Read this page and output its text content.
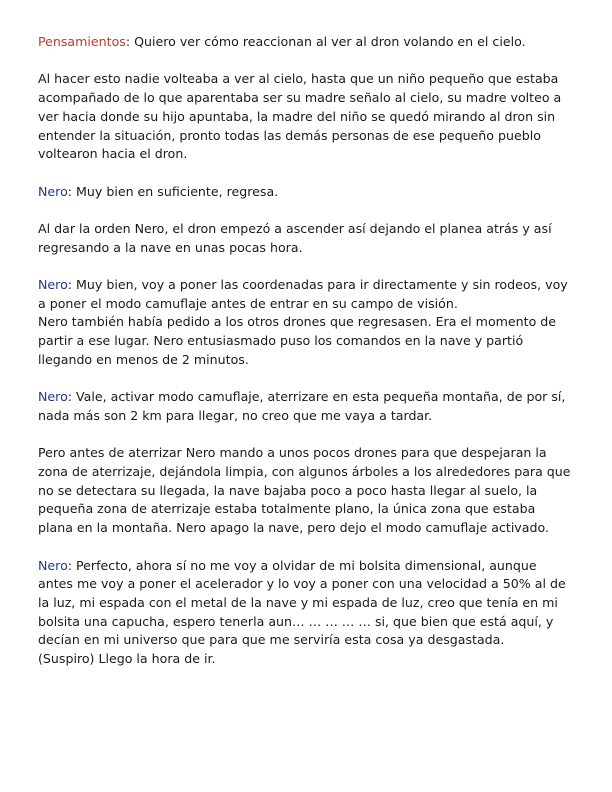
Pensamientos: Quiero ver cómo reaccionan al ver al dron volando en el cielo.

Al hacer esto nadie volteaba a ver al cielo, hasta que un niño pequeño que estaba acompañado de lo que aparentaba ser su madre señalo al cielo, su madre volteo a ver hacia donde su hijo apuntaba, la madre del niño se quedó mirando al dron sin entender la situación, pronto todas las demás personas de ese pequeño pueblo voltearon hacia el dron.

Nero: Muy bien en suficiente, regresa.

Al dar la orden Nero, el dron empezó a ascender así dejando el planea atrás y así regresando a la nave en unas pocas hora.

Nero: Muy bien, voy a poner las coordenadas para ir directamente y sin rodeos, voy a poner el modo camuflaje antes de entrar en su campo de visión.
Nero también había pedido a los otros drones que regresasen. Era el momento de partir a ese lugar. Nero entusiasmado puso los comandos en la nave y partió llegando en menos de 2 minutos.

Nero: Vale, activar modo camuflaje, aterrizare en esta pequeña montaña, de por sí, nada más son 2 km para llegar, no creo que me vaya a tardar.

Pero antes de aterrizar Nero mando a unos pocos drones para que despejaran la zona de aterrizaje, dejándola limpia, con algunos árboles a los alrededores para que no se detectara su llegada, la nave bajaba poco a poco hasta llegar al suelo, la pequeña zona de aterrizaje estaba totalmente plano, la única zona que estaba plana en la montaña. Nero apago la nave, pero dejo el modo camuflaje activado.

Nero: Perfecto, ahora sí no me voy a olvidar de mi bolsita dimensional, aunque antes me voy a poner el acelerador y lo voy a poner con una velocidad a 50% al de la luz, mi espada con el metal de la nave y mi espada de luz, creo que tenía en mi bolsita una capucha, espero tenerla aun… … … … … si, que bien que está aquí, y decían en mi universo que para que me serviría esta cosa ya desgastada.
(Suspiro) Llego la hora de ir.
